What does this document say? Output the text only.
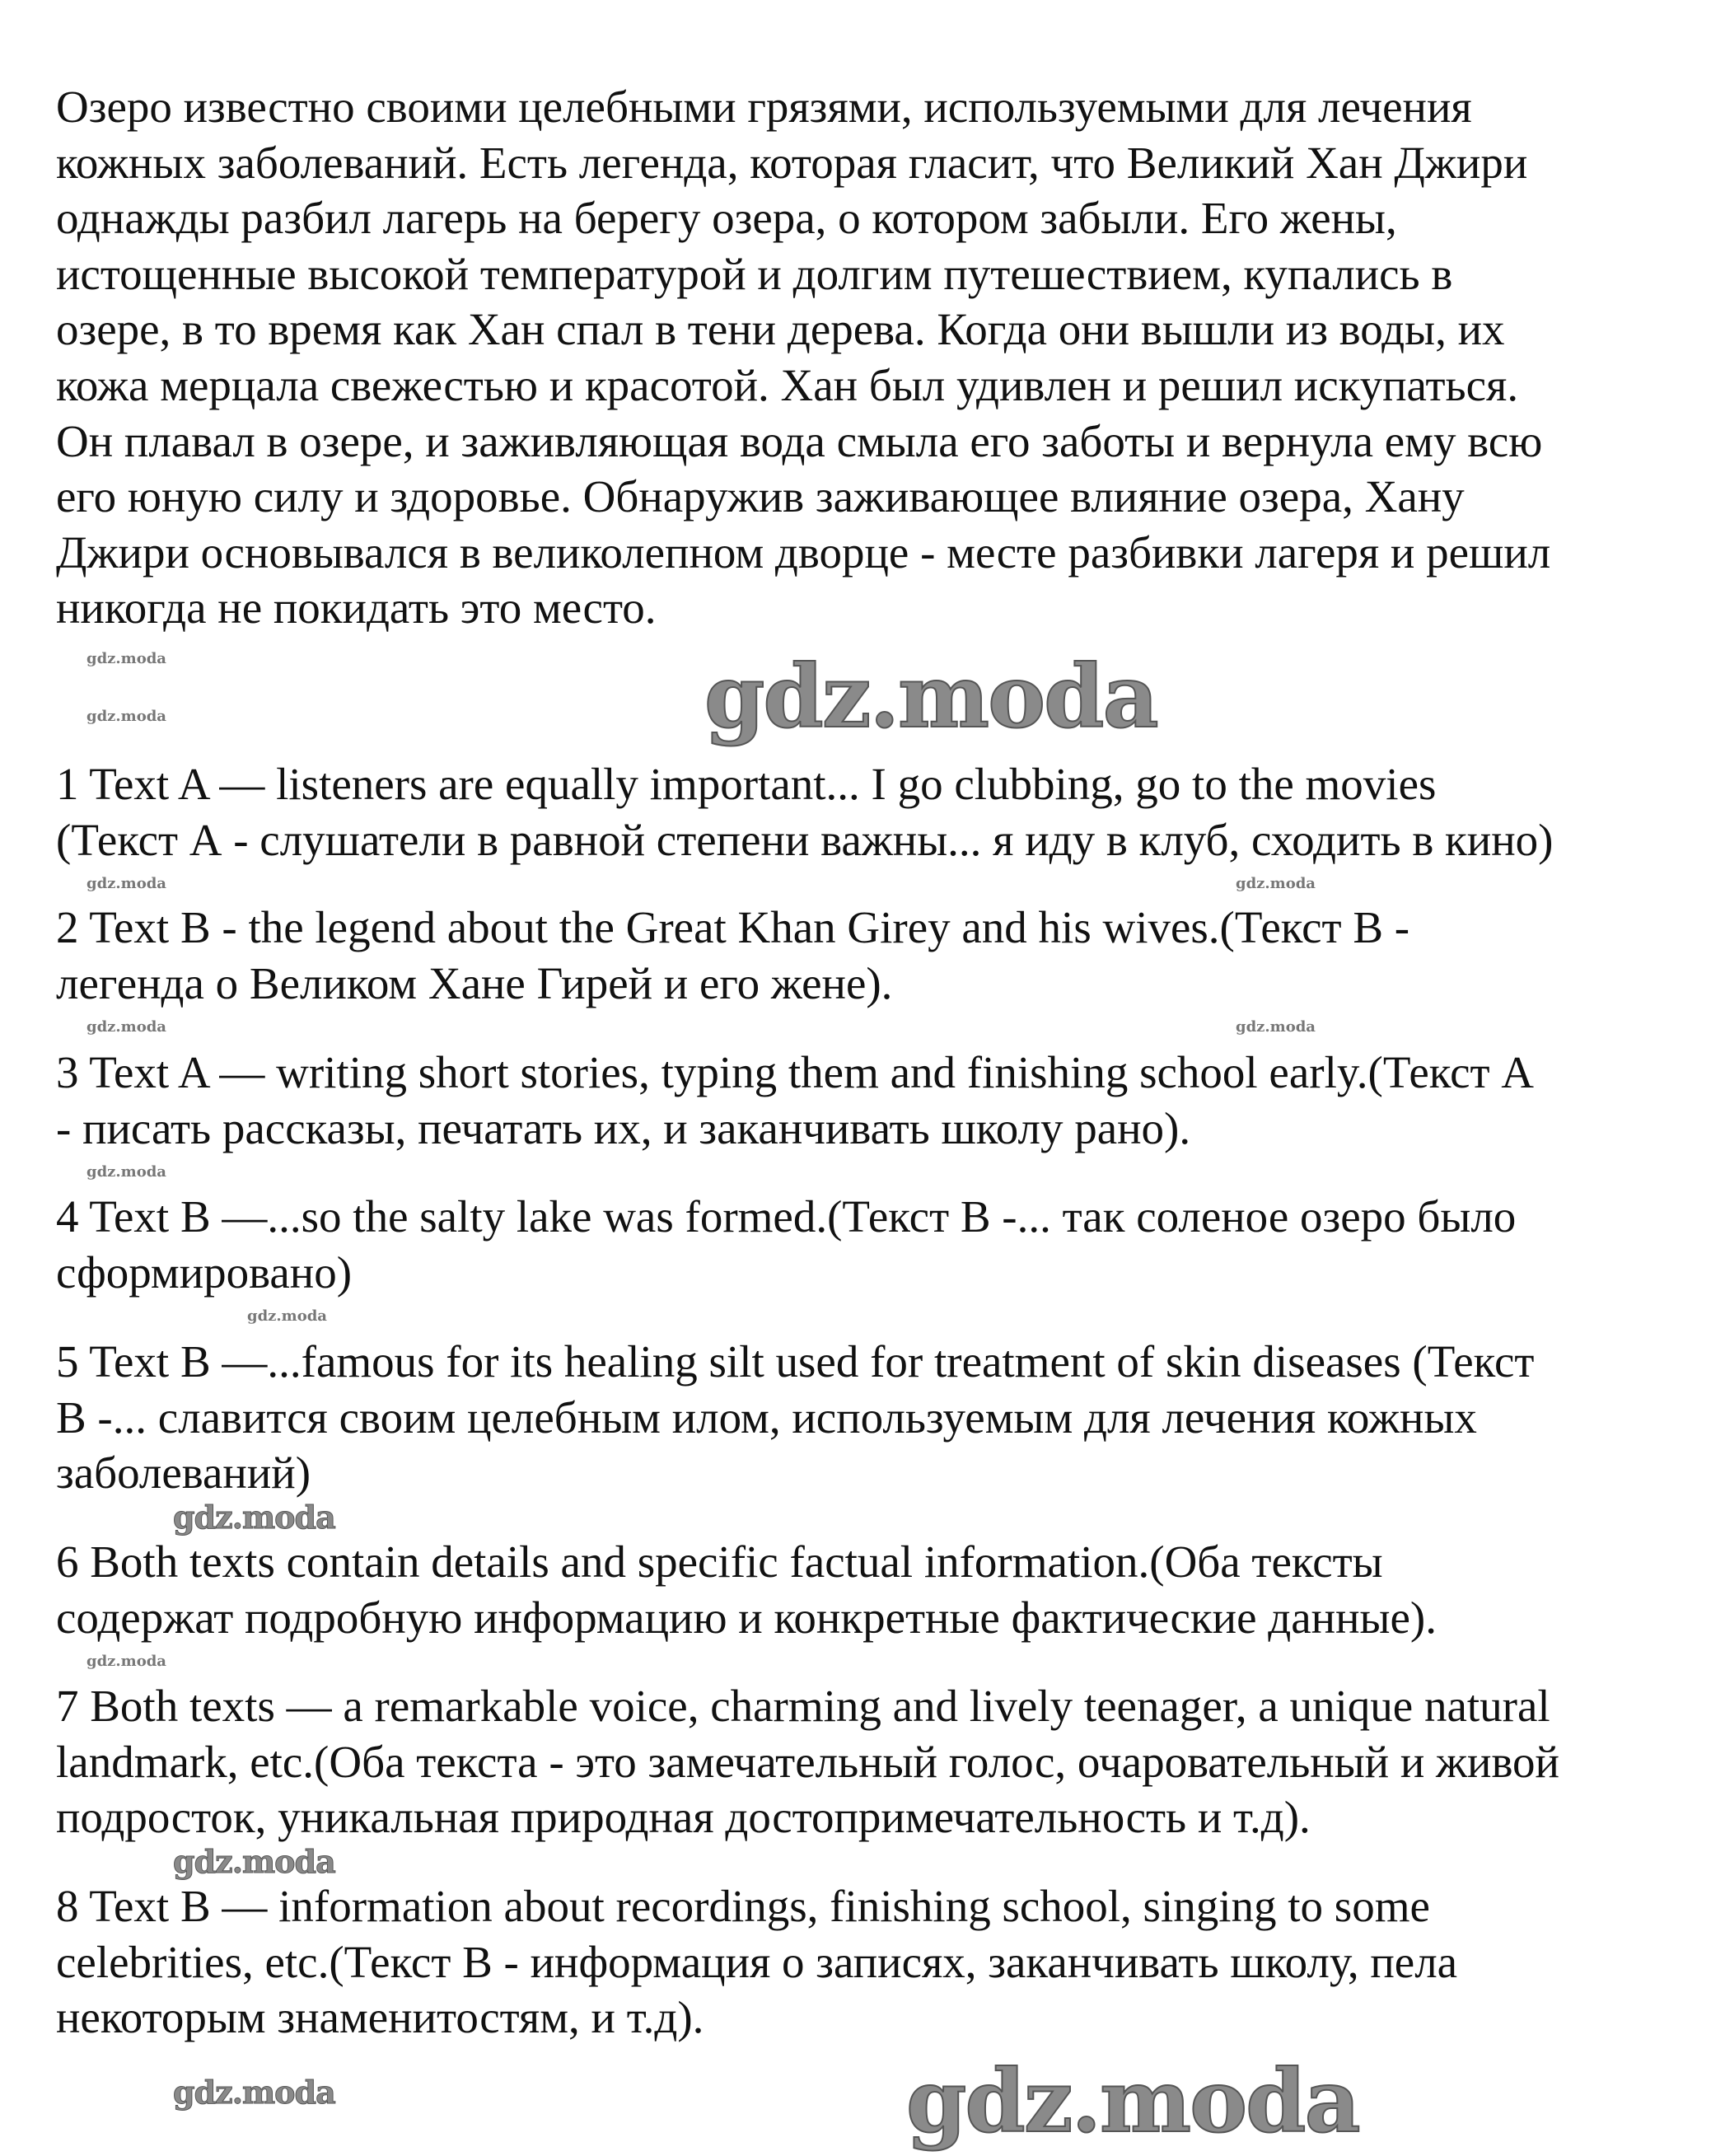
Озеро известно своими целебными грязями, используемыми для лечения
кожных заболеваний. Есть легенда, которая гласит, что Великий Хан Джири
однажды разбил лагерь на берегу озера, о котором забыли. Его жены,
истощенные высокой температурой и долгим путешествием, купались в
озере, в то время как Хан спал в тени дерева. Когда они вышли из воды, их
кожа мерцала свежестью и красотой. Хан был удивлен и решил искупаться.
Он плавал в озере, и заживляющая вода смыла его заботы и вернула ему всю
его юную силу и здоровье. Обнаружив заживающее влияние озера, Хану
Джири основывался в великолепном дворце - месте разбивки лагеря и решил
никогда не покидать это место.
1 Text A — listeners are equally important... I go clubbing, go to the movies
(Текст А - слушатели в равной степени важны... я иду в клуб, сходить в кино)
2 Text B - the legend about the Great Khan Girey and his wives.(Текст В -
легенда о Великом Хане Гирей и его жене).
3 Text A — writing short stories, typing them and finishing school early.(Текст А
- писать рассказы, печатать их, и заканчивать школу рано).
4 Text B —...so the salty lake was formed.(Текст В -... так соленое озеро было
сформировано)
5 Text B —...famous for its healing silt used for treatment of skin diseases (Текст
В -... славится своим целебным илом, используемым для лечения кожных
заболеваний)
6 Both texts contain details and specific factual information.(Оба тексты
содержат подробную информацию и конкретные фактические данные).
7 Both texts — a remarkable voice, charming and lively teenager, a unique natural
landmark, etc.(Оба текста - это замечательный голос, очаровательный и живой
подросток, уникальная природная достопримечательность и т.д).
8 Text B — information about recordings, finishing school, singing to some
celebrities, etc.(Текст В - информация о записях, заканчивать школу, пела
некоторым знаменитостям, и т.д).
gdz.moda
gdz.moda
gdz.moda
gdz.moda
gdz.moda
gdz.moda
gdz.moda
gdz.moda	gdz.moda
gdz.moda	gdz.moda
gdz.moda
gdz.moda
gdz.moda
